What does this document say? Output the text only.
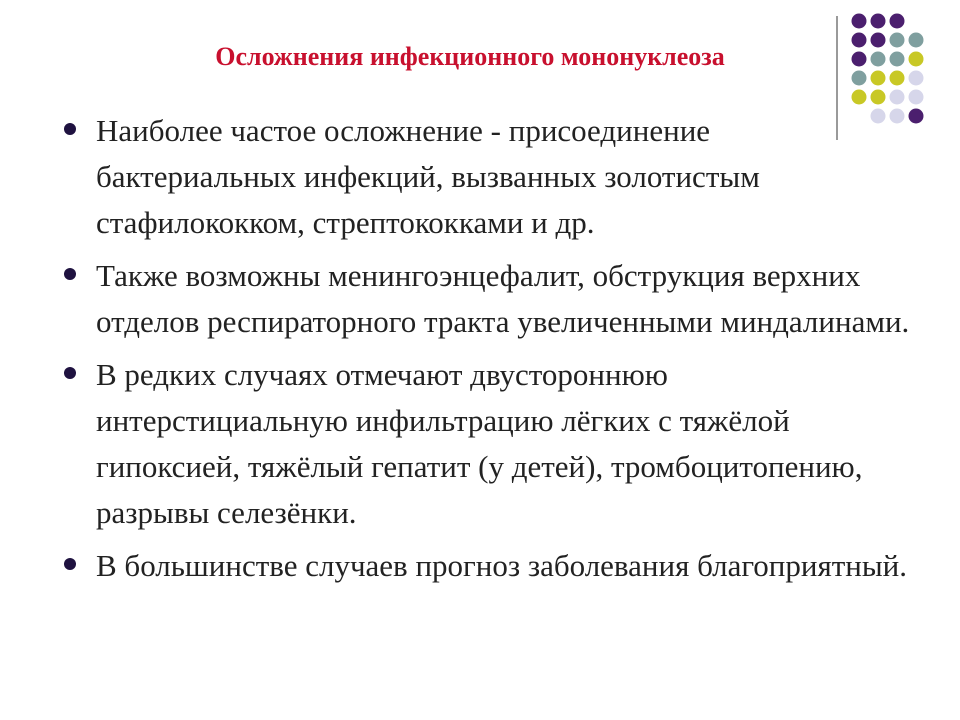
Осложнения инфекционного мононуклеоза
Наиболее частое осложнение - присоединение бактериальных инфекций, вызванных золотистым стафилококком, стрептококками и др.
Также возможны менингоэнцефалит, обструкция верхних отделов респираторного тракта увеличенными миндалинами.
В редких случаях отмечают двустороннюю интерстициальную инфильтрацию лёгких с тяжёлой гипоксией, тяжёлый гепатит (у детей), тромбоцитопению, разрывы селезёнки.
В большинстве случаев прогноз заболевания благоприятный.
